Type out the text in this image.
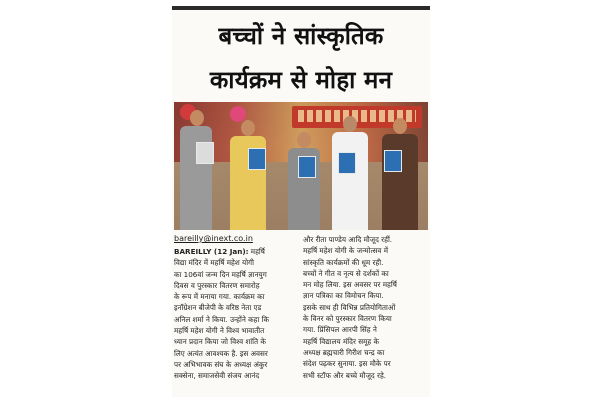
बच्चों ने सांस्कृतिक
कार्यक्रम से मोहा मन
bareilly@inext.co.in
BAREILLY (12 Jan): महर्षि
विद्या मंदिर में महर्षि महेश योगी
का 106वां जन्म दिन महर्षि ज्ञानयुग
दिवस व पुरस्कार वितरण समारोह
के रूप में मनाया गया. कार्यक्रम का
इनॉग्रेशन बीजेपी के वरिष्ठ नेता एड
अनिल शर्मा ने किया. उन्होंने कहा कि
महर्षि महेश योगी ने विश्व भावातीत
ध्यान प्रदान किया जो विश्व शांति के
लिए अत्यंत आवश्यक है. इस अवसर
पर अभिभावक संघ के अध्यक्ष अंकुर
सक्सेना, समाजसेवी संजय आनंद
और रीता पाण्डेय आदि मौजूद रहीं.
महर्षि महेश योगी के जन्मोत्सव में
सांस्कृति कार्यक्रमों की धूम रही.
बच्चों ने गीत व नृत्य से दर्शकों का
मन मोह लिया. इस अवसर पर महर्षि
ज्ञान पत्रिका का विमोचन किया.
इसके साथ ही विभिन्न प्रतियोगिताओं
के विनर को पुरस्कार वितरण किया
गया. प्रिंसिपल आरपी सिंह ने
महर्षि विद्यालय मंदिर समूह के
अध्यक्ष ब्रह्मचारी गिरीश चन्द्र का
संदेश पढ़कर सुनाया. इस मौके पर
सभी स्टॉफ और बच्चे मौजूद रहे.
